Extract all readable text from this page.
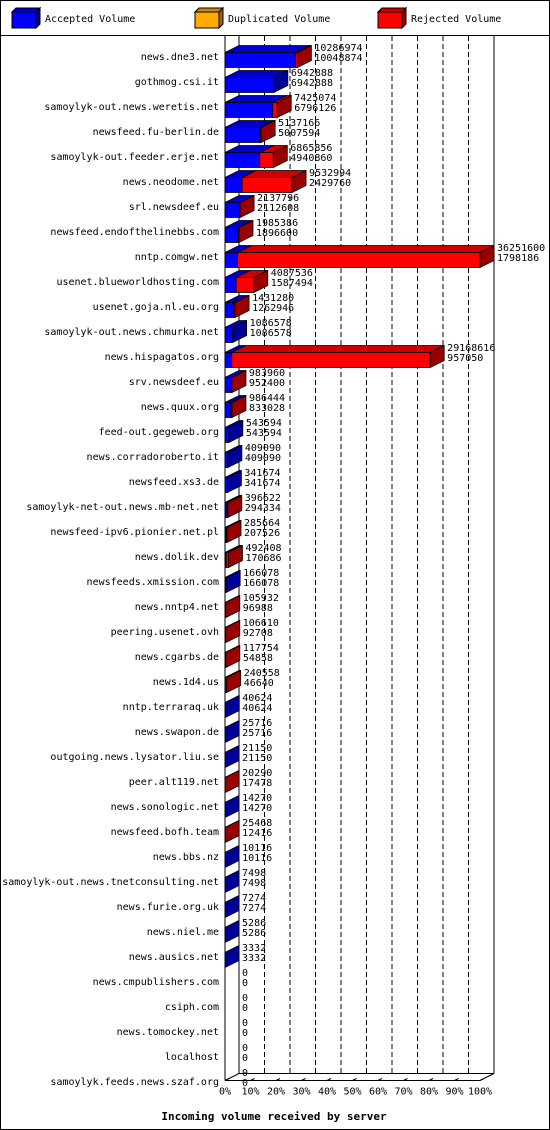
Accepted Volume	Duplicated Volume	Rejected Volume
news.dne3.net
gothmog.csi.it
samoylyk-out.news.weretis.net
newsfeed.fu-berlin.de
samoylyk-out.feeder.erje.net
news.neodome.net
srl.newsdeef.eu
newsfeed.endofthelinebbs.com
nntp.comgw.net
usenet.blueworldhosting.com
usenet.goja.nl.eu.org
samoylyk-out.news.chmurka.net
news.hispagatos.org
srv.newsdeef.eu
news.quux.org
feed-out.gegeweb.org
news.corradoroberto.it
newsfeed.xs3.de
samoylyk-net-out.news.mb-net.net
newsfeed-ipv6.pionier.net.pl
news.dolik.dev
newsfeeds.xmission.com
news.nntp4.net
peering.usenet.ovh
news.cgarbs.de
news.1d4.us
nntp.terraraq.uk
news.swapon.de
outgoing.news.lysator.liu.se
peer.alt119.net
news.sonologic.net
newsfeed.bofh.team
news.bbs.nz
samoylyk-out.news.tnetconsulting.net
news.furie.org.uk
news.niel.me
news.ausics.net
news.cmpublishers.com
csiph.com
news.tomockey.net
localhost
samoylyk.feeds.news.szaf.org
10286974
10048874
6942888
6942888
7425074
6796126
5137166
5007594
6865856
4940860
9532994
2429760
2137796
2112608
1985386
1896600
36251600
1798186
4087536
1587494
1431280
1262946
1086578
1086578
29168616
957050
983960
952400
986444
833028
543594
543594
409090
409090
341674
341674
396622
294334
285664
207526
492408
170686
166078
166078
105932
96988
106610
92708
117754
54858
240558
46640
40624
40624
25716
25716
21150
21150
20290
17478
14270
14270
25468
12416
10116
10116
7498
7498
7274
7274
5286
5286
3332
3332
0
0
0
0
0
0
0
0
0
0
0% 10% 20% 30% 40% 50% 60% 70% 80% 90% 100%
Incoming volume received by server
